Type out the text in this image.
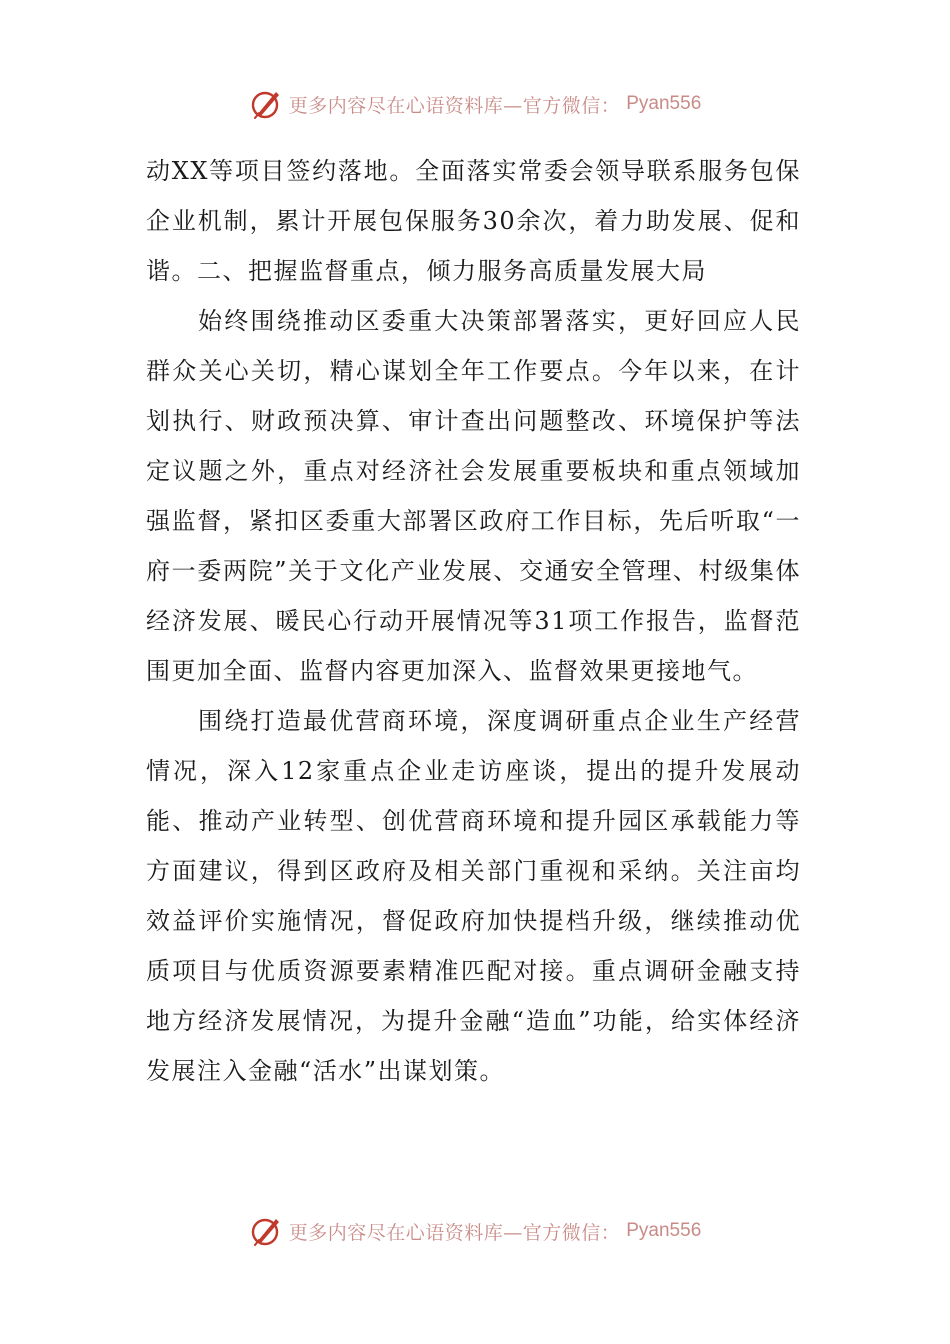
更多内容尽在心语资料库—官方微信： Pyan556

动XX等项目签约落地。全面落实常委会领导联系服务包保企业机制，累计开展包保服务30余次，着力助发展、促和谐。二、把握监督重点，倾力服务高质量发展大局

始终围绕推动区委重大决策部署落实，更好回应人民群众关心关切，精心谋划全年工作要点。今年以来，在计划执行、财政预决算、审计查出问题整改、环境保护等法定议题之外，重点对经济社会发展重要板块和重点领域加强监督，紧扣区委重大部署区政府工作目标，先后听取“一府一委两院”关于文化产业发展、交通安全管理、村级集体经济发展、暖民心行动开展情况等31项工作报告，监督范围更加全面、监督内容更加深入、监督效果更接地气。

围绕打造最优营商环境，深度调研重点企业生产经营情况，深入12家重点企业走访座谈，提出的提升发展动能、推动产业转型、创优营商环境和提升园区承载能力等方面建议，得到区政府及相关部门重视和采纳。关注亩均效益评价实施情况，督促政府加快提档升级，继续推动优质项目与优质资源要素精准匹配对接。重点调研金融支持地方经济发展情况，为提升金融“造血”功能，给实体经济发展注入金融“活水”出谋划策。

更多内容尽在心语资料库—官方微信： Pyan556
